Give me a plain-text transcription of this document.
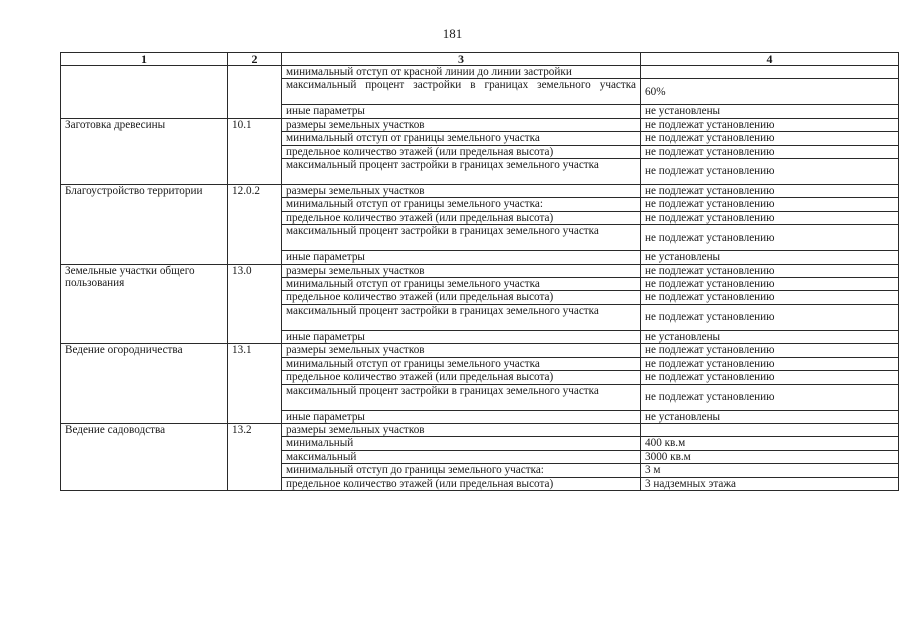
181
1	2	3	4
		минимальный отступ от красной линии до линии застройки	
		максимальный процент застройки в границах земельного участка	60%
		иные параметры	не установлены
Заготовка древесины	10.1	размеры земельных участков	не подлежат установлению
		минимальный отступ от границы земельного участка	не подлежат установлению
		предельное количество этажей (или предельная высота)	не подлежат установлению
		максимальный процент застройки в границах земельного участка	не подлежат установлению
Благоустройство территории	12.0.2	размеры земельных участков	не подлежат установлению
		минимальный отступ от границы земельного участка:	не подлежат установлению
		предельное количество этажей (или предельная высота)	не подлежат установлению
		максимальный процент застройки в границах земельного участка	не подлежат установлению
		иные параметры	не установлены
Земельные участки общего пользования	13.0	размеры земельных участков	не подлежат установлению
		минимальный отступ от границы земельного участка	не подлежат установлению
		предельное количество этажей (или предельная высота)	не подлежат установлению
		максимальный процент застройки в границах земельного участка	не подлежат установлению
		иные параметры	не установлены
Ведение огородничества	13.1	размеры земельных участков	не подлежат установлению
		минимальный отступ от границы земельного участка	не подлежат установлению
		предельное количество этажей (или предельная высота)	не подлежат установлению
		максимальный процент застройки в границах земельного участка	не подлежат установлению
		иные параметры	не установлены
Ведение садоводства	13.2	размеры земельных участков	
		минимальный	400 кв.м
		максимальный	3000 кв.м
		минимальный отступ до границы земельного участка:	3 м
		предельное количество этажей (или предельная высота)	3 надземных этажа
